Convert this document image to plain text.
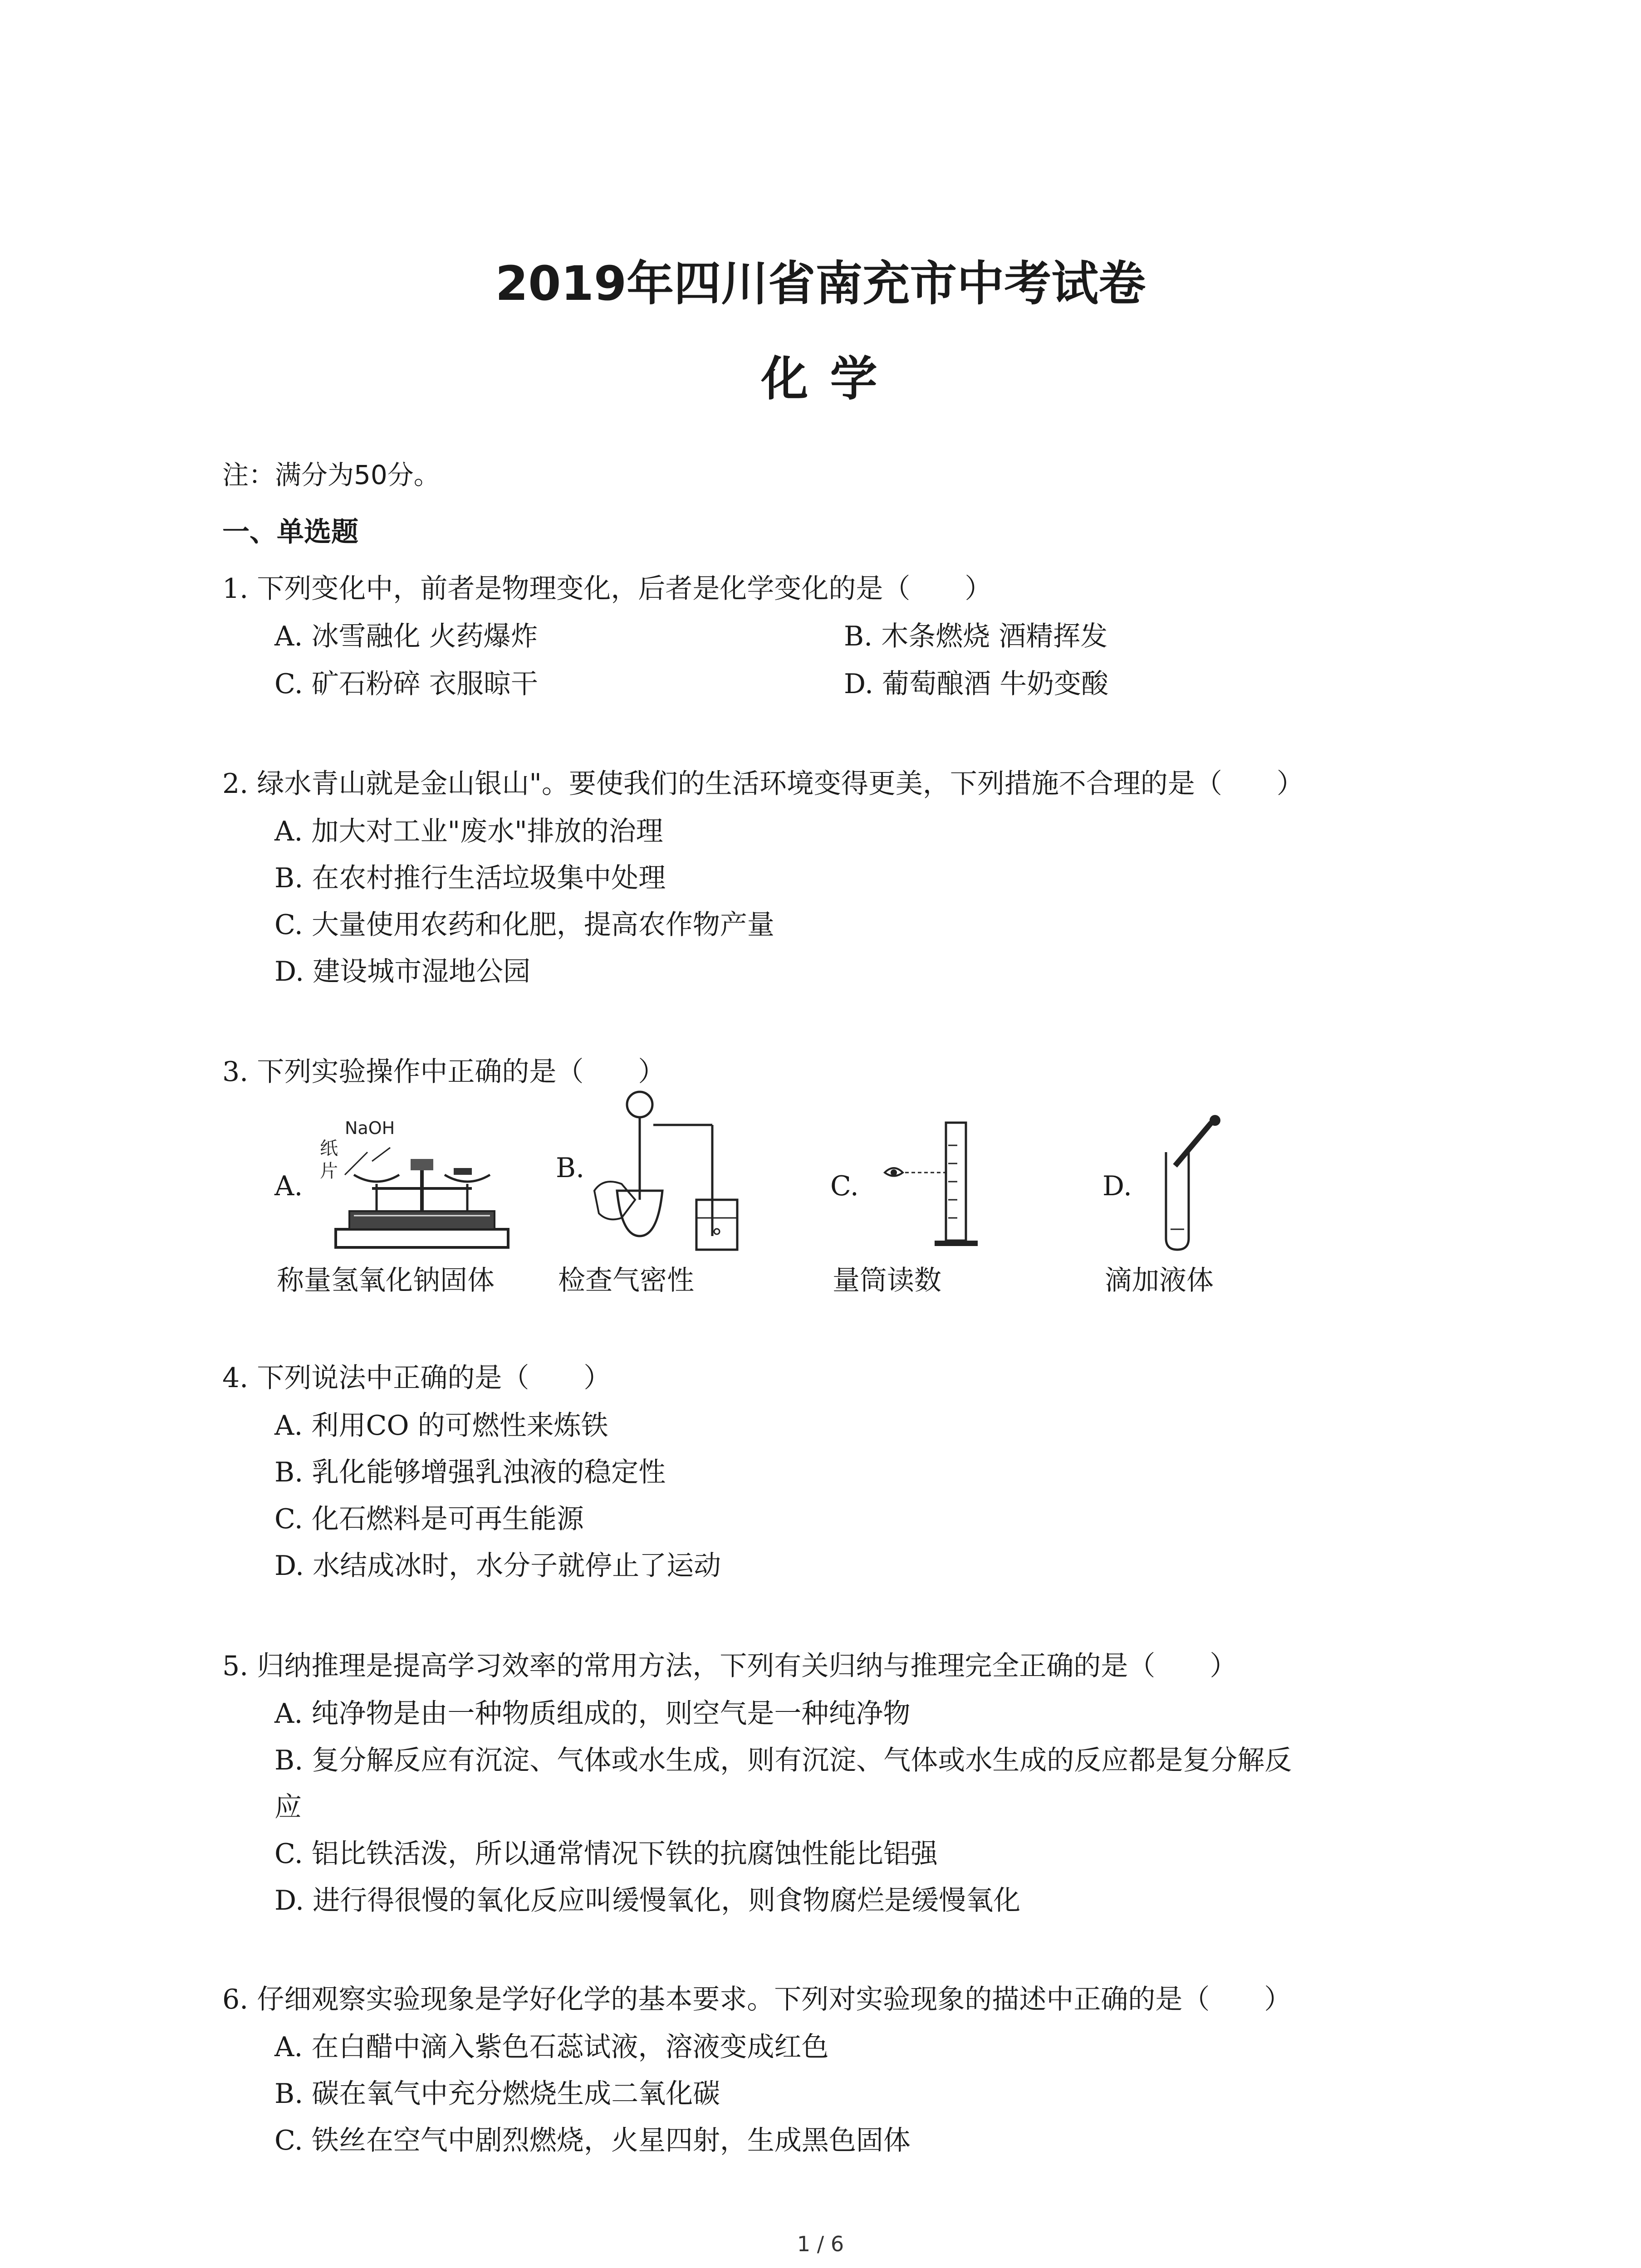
2019年四川省南充市中考试卷
化 学
注：满分为50分。
一、单选题
1. 下列变化中，前者是物理变化，后者是化学变化的是（　　）
A. 冰雪融化 火药爆炸	B. 木条燃烧 酒精挥发
C. 矿石粉碎 衣服晾干	D. 葡萄酿酒 牛奶变酸
2. 绿水青山就是金山银山"。要使我们的生活环境变得更美，下列措施不合理的是（　　）
A. 加大对工业"废水"排放的治理
B. 在农村推行生活垃圾集中处理
C. 大量使用农药和化肥，提高农作物产量
D. 建设城市湿地公园
3. 下列实验操作中正确的是（　　）
A.
B.
C.	D.
NaOH
纸
片
称量氢氧化钠固体 检查气密性	量筒读数	滴加液体
4. 下列说法中正确的是（　　）
A. 利用CO 的可燃性来炼铁
B. 乳化能够增强乳浊液的稳定性
C. 化石燃料是可再生能源
D. 水结成冰时，水分子就停止了运动
5. 归纳推理是提高学习效率的常用方法，下列有关归纳与推理完全正确的是（　　）
A. 纯净物是由一种物质组成的，则空气是一种纯净物
B. 复分解反应有沉淀、气体或水生成，则有沉淀、气体或水生成的反应都是复分解反
应
C. 铝比铁活泼，所以通常情况下铁的抗腐蚀性能比铝强
D. 进行得很慢的氧化反应叫缓慢氧化，则食物腐烂是缓慢氧化
6. 仔细观察实验现象是学好化学的基本要求。下列对实验现象的描述中正确的是（　　）
A. 在白醋中滴入紫色石蕊试液，溶液变成红色
B. 碳在氧气中充分燃烧生成二氧化碳
C. 铁丝在空气中剧烈燃烧，火星四射，生成黑色固体
1 / 6
